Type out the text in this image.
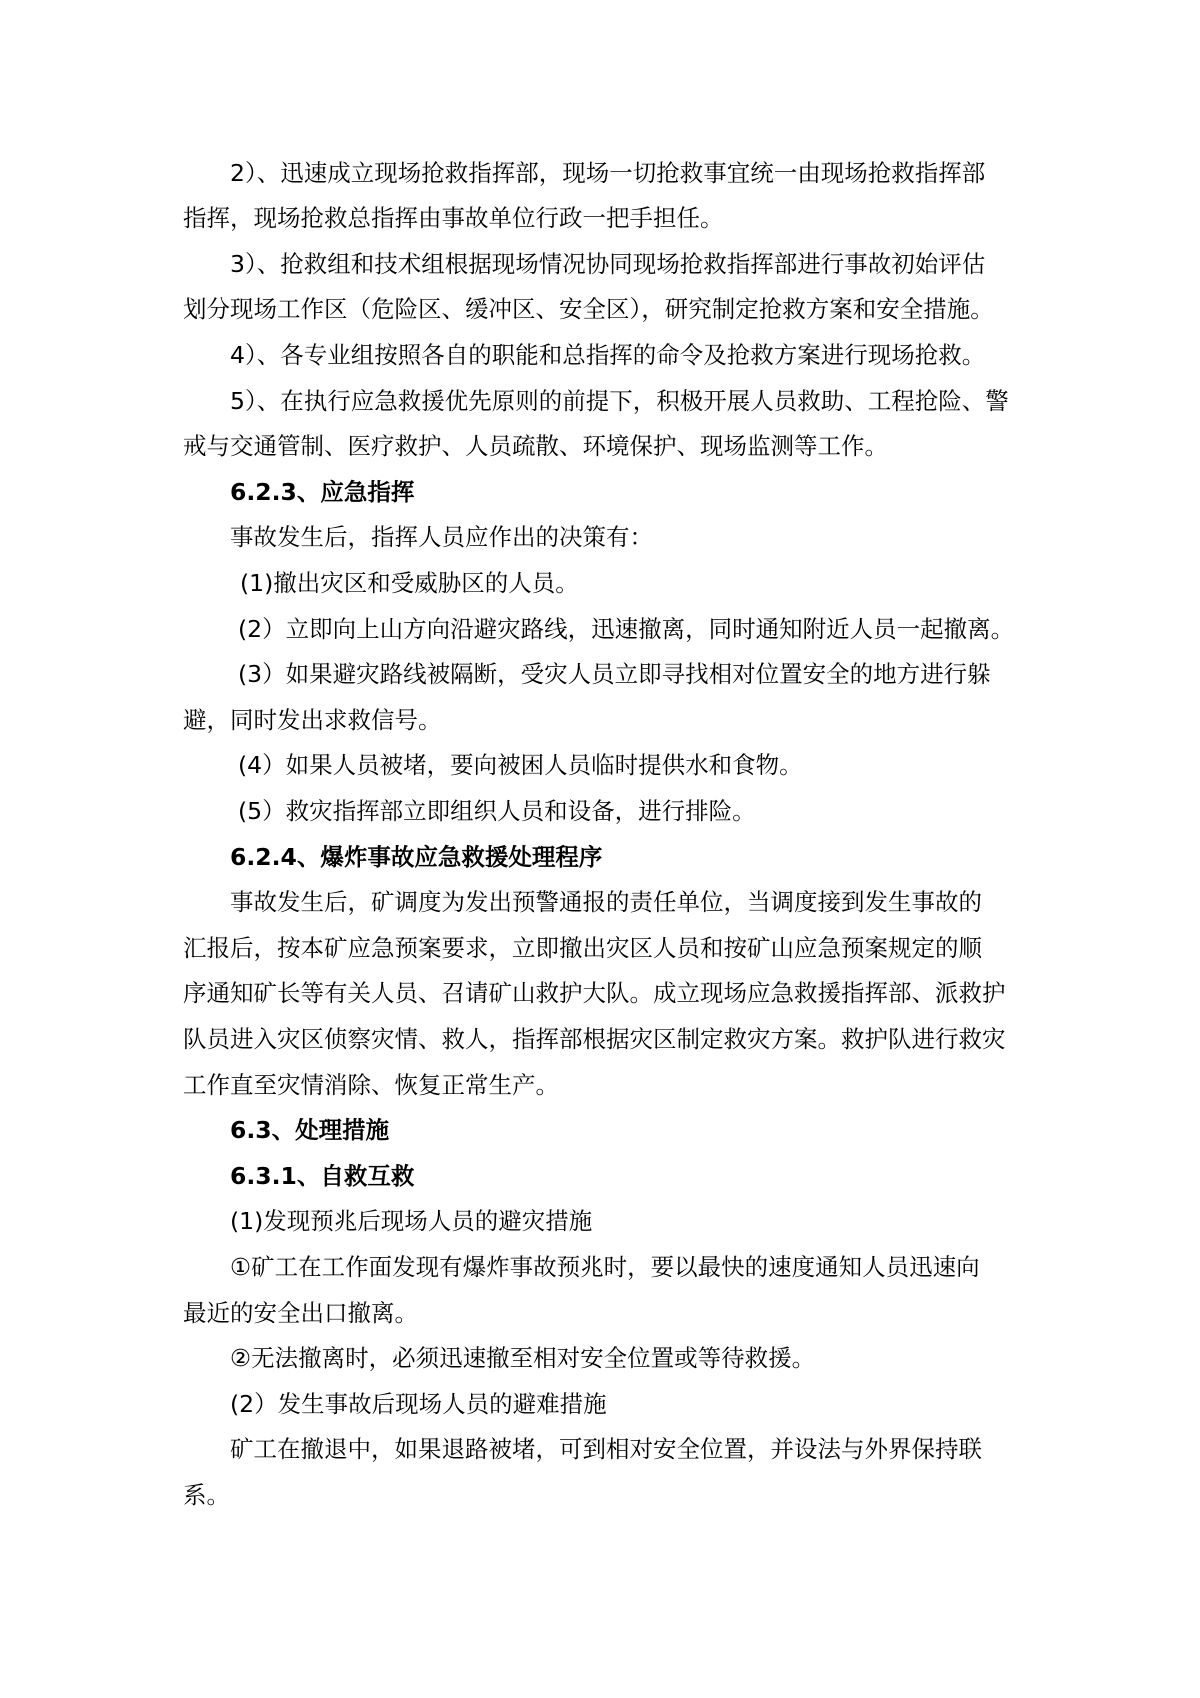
2）、迅速成立现场抢救指挥部，现场一切抢救事宜统一由现场抢救指挥部

指挥，现场抢救总指挥由事故单位行政一把手担任。

3）、抢救组和技术组根据现场情况协同现场抢救指挥部进行事故初始评估

划分现场工作区（危险区、缓冲区、安全区），研究制定抢救方案和安全措施。

4）、各专业组按照各自的职能和总指挥的命令及抢救方案进行现场抢救。

5）、在执行应急救援优先原则的前提下，积极开展人员救助、工程抢险、警

戒与交通管制、医疗救护、人员疏散、环境保护、现场监测等工作。

6.2.3、应急指挥

事故发生后，指挥人员应作出的决策有：

(1)撤出灾区和受威胁区的人员。

(2）立即向上山方向沿避灾路线，迅速撤离，同时通知附近人员一起撤离。

(3）如果避灾路线被隔断，受灾人员立即寻找相对位置安全的地方进行躲

避，同时发出求救信号。

(4）如果人员被堵，要向被困人员临时提供水和食物。

(5）救灾指挥部立即组织人员和设备，进行排险。

6.2.4、爆炸事故应急救援处理程序

事故发生后，矿调度为发出预警通报的责任单位，当调度接到发生事故的

汇报后，按本矿应急预案要求，立即撤出灾区人员和按矿山应急预案规定的顺

序通知矿长等有关人员、召请矿山救护大队。成立现场应急救援指挥部、派救护

队员进入灾区侦察灾情、救人，指挥部根据灾区制定救灾方案。救护队进行救灾

工作直至灾情消除、恢复正常生产。

6.3、处理措施

6.3.1、自救互救

(1)发现预兆后现场人员的避灾措施

①矿工在工作面发现有爆炸事故预兆时，要以最快的速度通知人员迅速向

最近的安全出口撤离。

②无法撤离时，必须迅速撤至相对安全位置或等待救援。

(2）发生事故后现场人员的避难措施

矿工在撤退中，如果退路被堵，可到相对安全位置，并设法与外界保持联

系。
